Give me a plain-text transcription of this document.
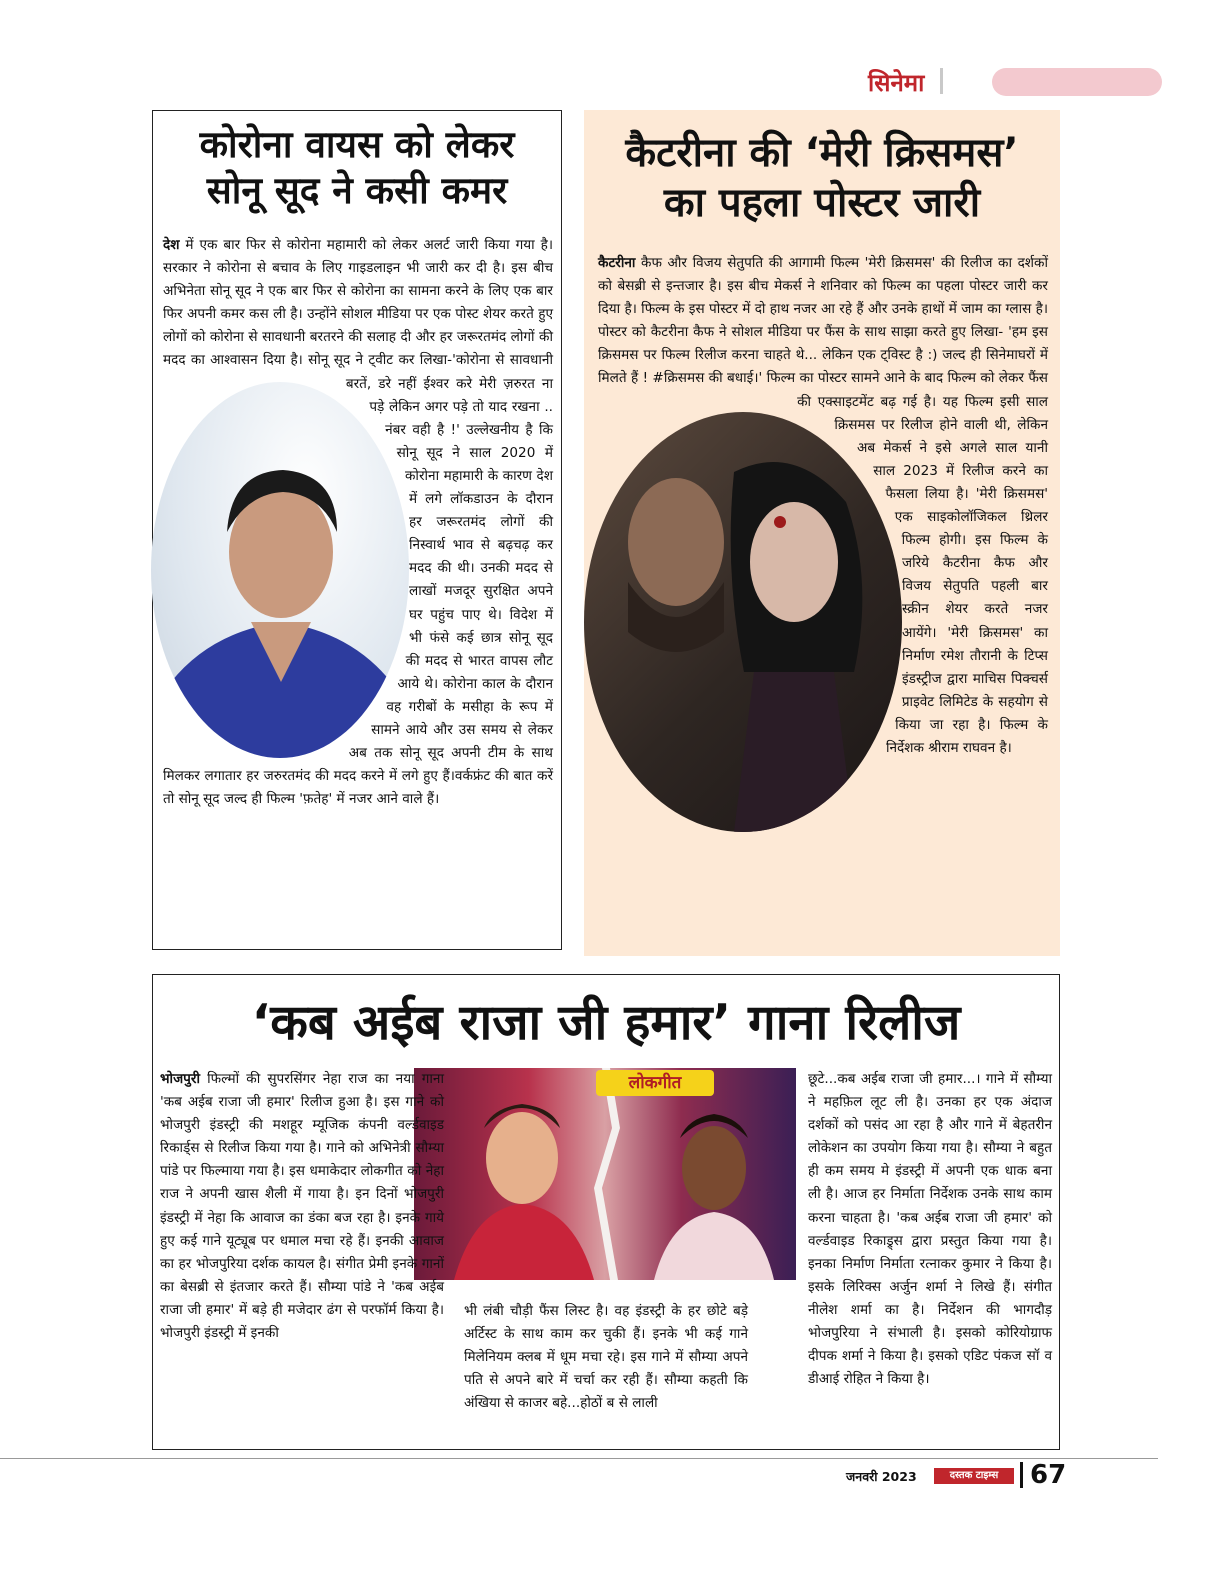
सिनेमा
कोरोना वायस को लेकर
सोनू सूद ने कसी कमर
देश में एक बार फिर से कोरोना महामारी को लेकर अलर्ट जारी किया गया है। सरकार ने कोरोना से बचाव के लिए गाइडलाइन भी जारी कर दी है। इस बीच अभिनेता सोनू सूद ने एक बार फिर से कोरोना का सामना करने के लिए एक बार फिर अपनी कमर कस ली है। उन्होंने सोशल मीडिया पर एक पोस्ट शेयर करते हुए लोगों को कोरोना से सावधानी बरतरने की सलाह दी और हर जरूरतमंद लोगों की मदद का आश्वासन दिया है। सोनू सूद ने ट्वीट कर लिखा-'कोरोना से सावधानी बरतें, डरे नहीं ईश्वर करे मेरी ज़रुरत ना पड़े लेकिन अगर पड़े तो याद रखना .. नंबर वही है !' उल्लेखनीय है कि सोनू सूद ने साल 2020 में कोरोना महामारी के कारण देश में लगे लॉकडाउन के दौरान हर जरूरतमंद लोगों की निस्वार्थ भाव से बढ़चढ़ कर मदद की थी। उनकी मदद से लाखों मजदूर सुरक्षित अपने घर पहुंच पाए थे। विदेश में भी फंसे कई छात्र सोनू सूद की मदद से भारत वापस लौट आये थे। कोरोना काल के दौरान वह गरीबों के मसीहा के रूप में सामने आये और उस समय से लेकर अब तक सोनू सूद अपनी टीम के साथ मिलकर लगातार हर जरुरतमंद की मदद करने में लगे हुए हैं।वर्कफ्रंट की बात करें तो सोनू सूद जल्द ही फिल्म 'फ़तेह' में नजर आने वाले हैं।
कैटरीना की ‘मेरी क्रिसमस’
का पहला पोस्टर जारी
कैटरीना कैफ और विजय सेतुपति की आगामी फिल्म 'मेरी क्रिसमस' की रिलीज का दर्शकों को बेसब्री से इन्तजार है। इस बीच मेकर्स ने शनिवार को फिल्म का पहला पोस्टर जारी कर दिया है। फिल्म के इस पोस्टर में दो हाथ नजर आ रहे हैं और उनके हाथों में जाम का ग्लास है। पोस्टर को कैटरीना कैफ ने सोशल मीडिया पर फैंस के साथ साझा करते हुए लिखा- 'हम इस क्रिसमस पर फिल्म रिलीज करना चाहते थे... लेकिन एक ट्विस्ट है :) जल्द ही सिनेमाघरों में मिलते हैं ! #क्रिसमस की बधाई।' फिल्म का पोस्टर सामने आने के बाद फिल्म को लेकर फैंस की एक्साइटमेंट बढ़ गई है। यह फिल्म इसी साल क्रिसमस पर रिलीज होने वाली थी, लेकिन अब मेकर्स ने इसे अगले साल यानी साल 2023 में रिलीज करने का फैसला लिया है। 'मेरी क्रिसमस' एक साइकोलॉजिकल थ्रिलर फिल्म होगी। इस फिल्म के जरिये कैटरीना कैफ और विजय सेतुपति पहली बार स्क्रीन शेयर करते नजर आयेंगे। 'मेरी क्रिसमस' का निर्माण रमेश तौरानी के टिप्स इंडस्ट्रीज द्वारा माचिस पिक्चर्स प्राइवेट लिमिटेड के सहयोग से किया जा रहा है। फिल्म के निर्देशक श्रीराम राघवन है।
‘कब अईब राजा जी हमार’ गाना रिलीज
लोकगीत
भोजपुरी फिल्मों की सुपरसिंगर नेहा राज का नया गाना 'कब अईब राजा जी हमार' रिलीज हुआ है। इस गाने को भोजपुरी इंडस्ट्री की मशहूर म्यूजिक कंपनी वर्ल्डवाइड रिकार्ड्स से रिलीज किया गया है। गाने को अभिनेत्री सौम्या पांडे पर फिल्माया गया है। इस धमाकेदार लोकगीत को नेहा राज ने अपनी खास शैली में गाया है। इन दिनों भोजपुरी इंडस्ट्री में नेहा कि आवाज का डंका बज रहा है। इनके गाये हुए कई गाने यूट्यूब पर धमाल मचा रहे हैं। इनकी आवाज का हर भोजपुरिया दर्शक कायल है। संगीत प्रेमी इनके गानों का बेसब्री से इंतजार करते हैं। सौम्या पांडे ने 'कब अईब राजा जी हमार' में बड़े ही मजेदार ढंग से परफॉर्म किया है। भोजपुरी इंडस्ट्री में इनकी
भी लंबी चौड़ी फैंस लिस्ट है। वह इंडस्ट्री के हर छोटे बड़े अर्टिस्ट के साथ काम कर चुकी हैं। इनके भी कई गाने मिलेनियम क्लब में धूम मचा रहे। इस गाने में सौम्या अपने पति से अपने बारे में चर्चा कर रही हैं। सौम्या कहती कि अंखिया से काजर बहे...होठों ब से लाली
छूटे...कब अईब राजा जी हमार...। गाने में सौम्या ने महफ़िल लूट ली है। उनका हर एक अंदाज दर्शकों को पसंद आ रहा है और गाने में बेहतरीन लोकेशन का उपयोग किया गया है। सौम्या ने बहुत ही कम समय मे इंडस्ट्री में अपनी एक धाक बना ली है। आज हर निर्माता निर्देशक उनके साथ काम करना चाहता है। 'कब अईब राजा जी हमार' को वर्ल्डवाइड रिकाड्र्स द्वारा प्रस्तुत किया गया है। इनका निर्माण निर्माता रत्नाकर कुमार ने किया है। इसके लिरिक्स अर्जुन शर्मा ने लिखे हैं। संगीत नीलेश शर्मा का है। निर्देशन की भागदौड़ भोजपुरिया ने संभाली है। इसको कोरियोग्राफ दीपक शर्मा ने किया है। इसको एडिट पंकज सॉ व डीआई रोहित ने किया है।
जनवरी 2023	दस्तक टाइम्स	67
